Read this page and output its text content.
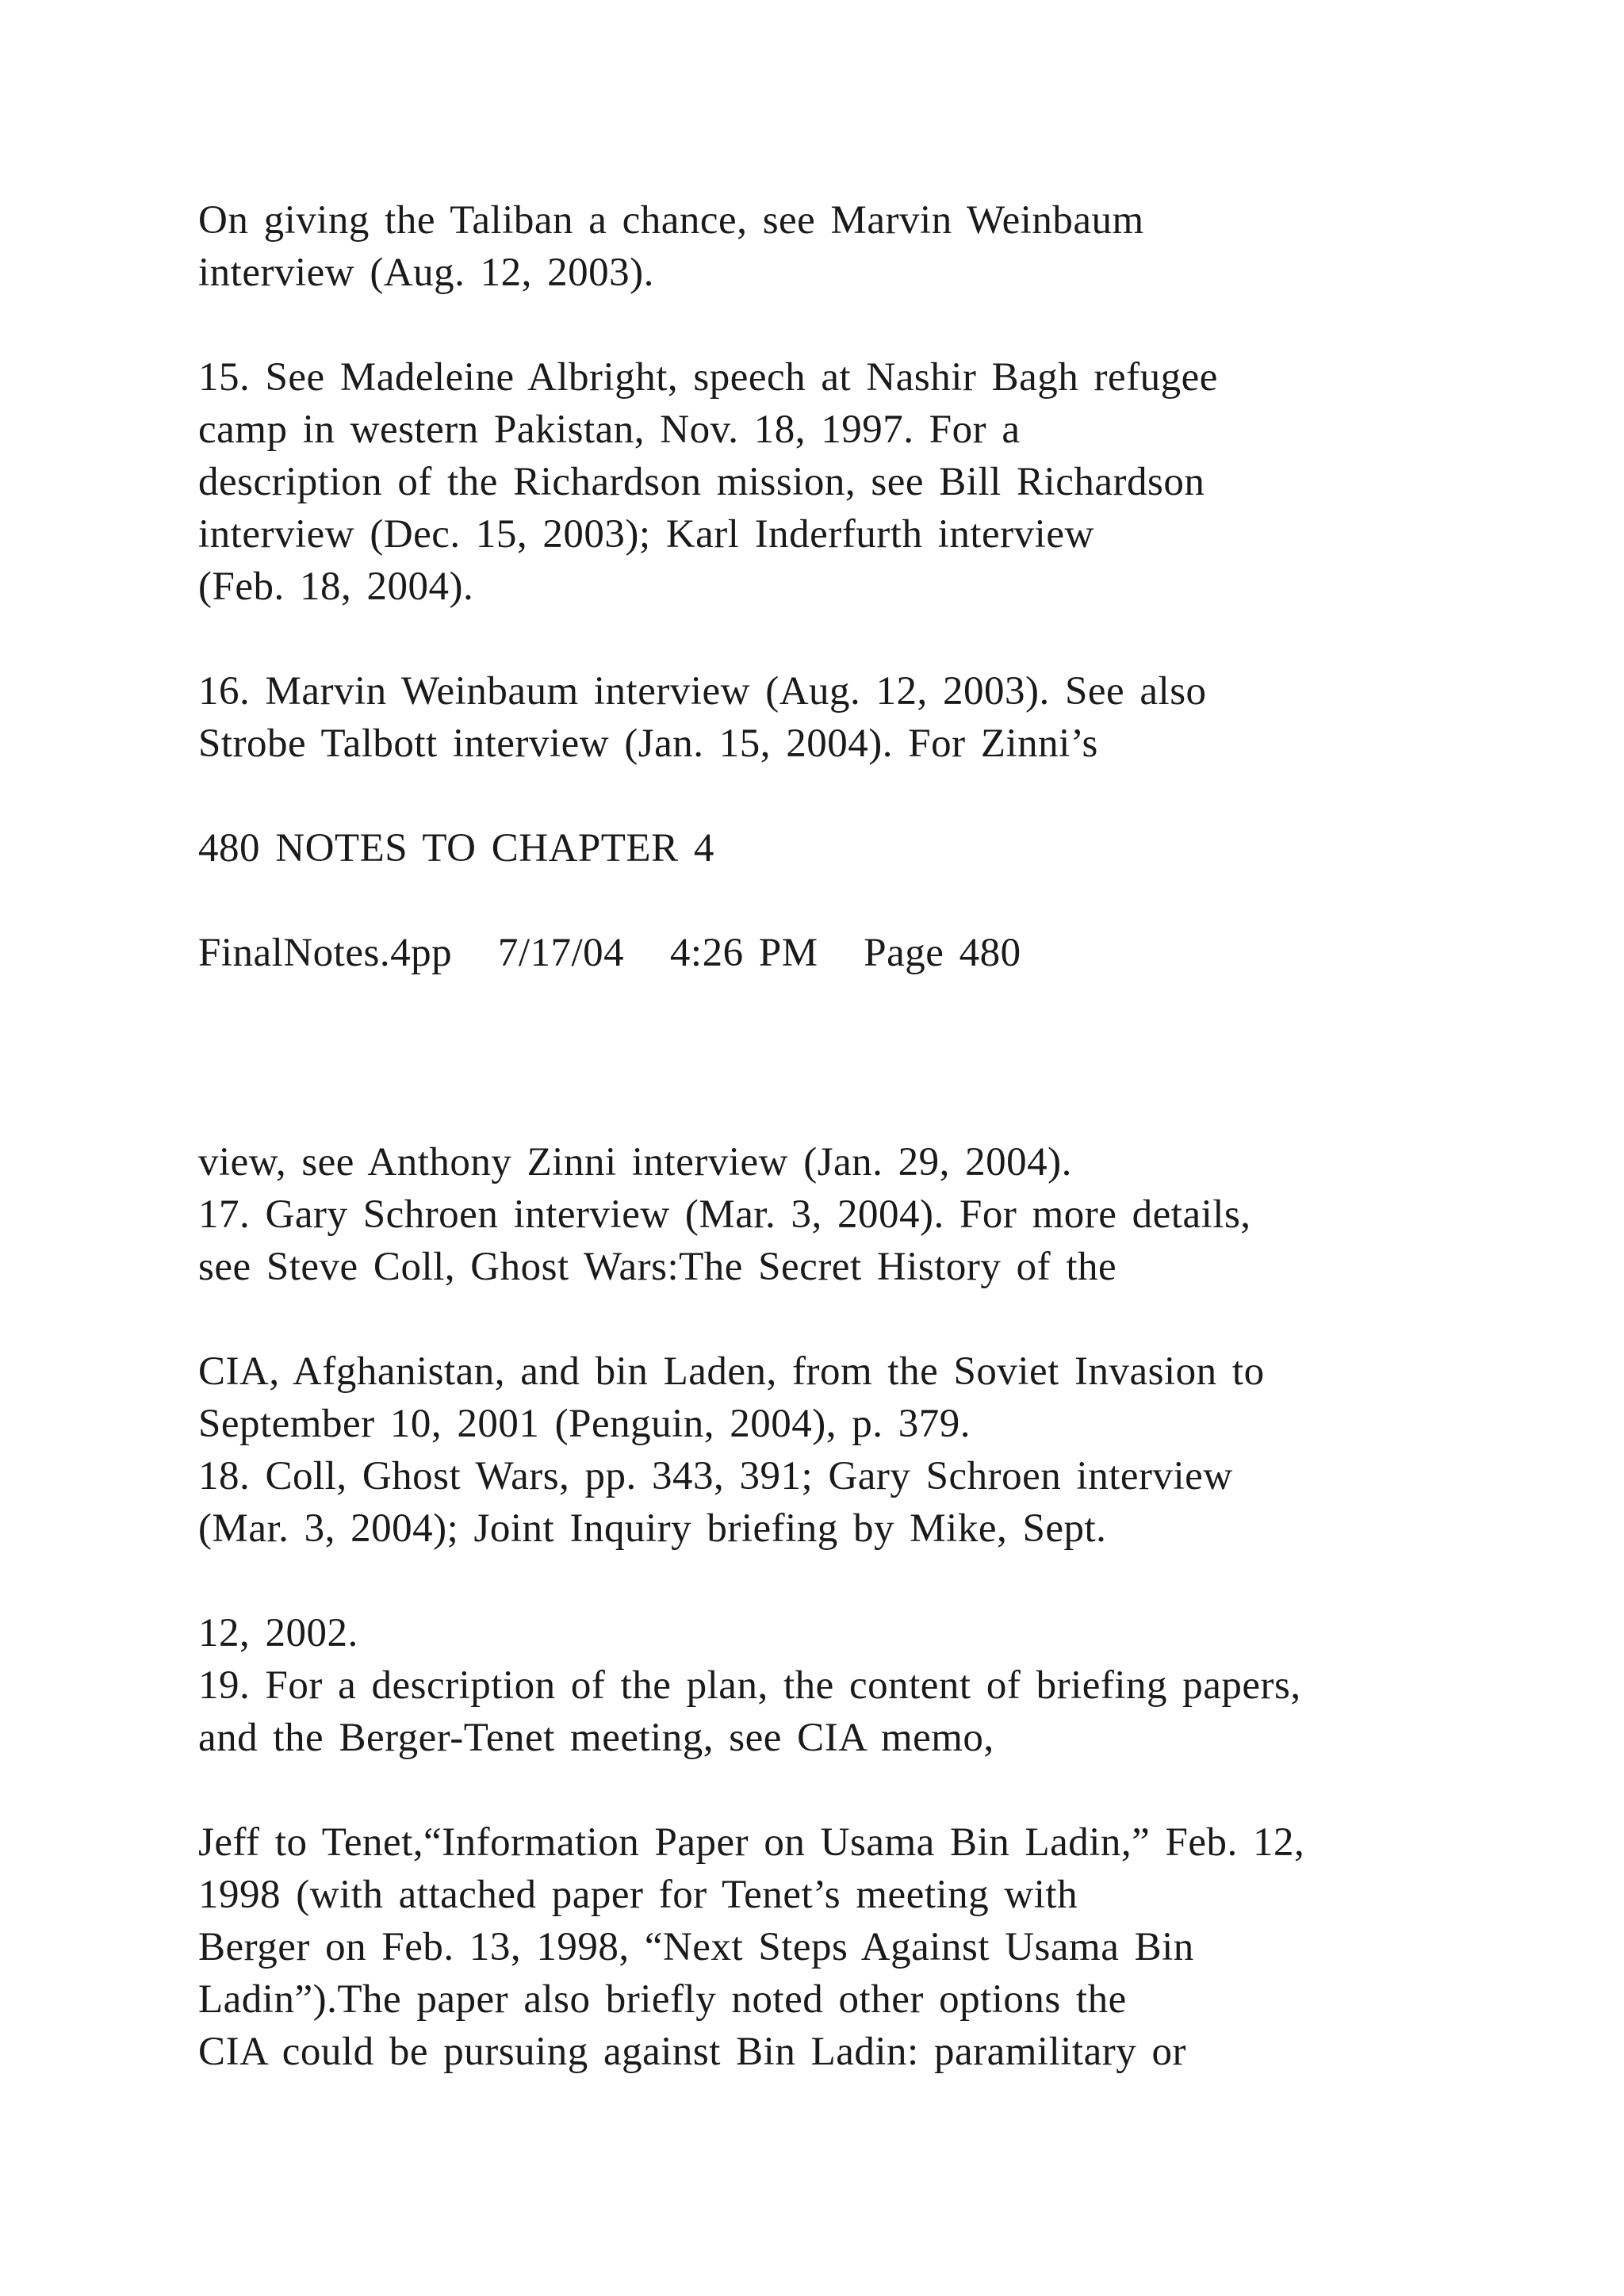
On giving the Taliban a chance, see Marvin Weinbaum
interview (Aug. 12, 2003).
15. See Madeleine Albright, speech at Nashir Bagh refugee
camp in western Pakistan, Nov. 18, 1997. For a
description of the Richardson mission, see Bill Richardson
interview (Dec. 15, 2003); Karl Inderfurth interview
(Feb. 18, 2004).
16. Marvin Weinbaum interview (Aug. 12, 2003). See also
Strobe Talbott interview (Jan. 15, 2004). For Zinni’s
480 NOTES TO CHAPTER 4
FinalNotes.4pp   7/17/04   4:26 PM   Page 480
view, see Anthony Zinni interview (Jan. 29, 2004).
17. Gary Schroen interview (Mar. 3, 2004). For more details,
see Steve Coll, Ghost Wars:The Secret History of the
CIA, Afghanistan, and bin Laden, from the Soviet Invasion to
September 10, 2001 (Penguin, 2004), p. 379.
18. Coll, Ghost Wars, pp. 343, 391; Gary Schroen interview
(Mar. 3, 2004); Joint Inquiry briefing by Mike, Sept.
12, 2002.
19. For a description of the plan, the content of briefing papers,
and the Berger-Tenet meeting, see CIA memo,
Jeff to Tenet,“Information Paper on Usama Bin Ladin,” Feb. 12,
1998 (with attached paper for Tenet’s meeting with
Berger on Feb. 13, 1998, “Next Steps Against Usama Bin
Ladin”).The paper also briefly noted other options the
CIA could be pursuing against Bin Ladin: paramilitary or
